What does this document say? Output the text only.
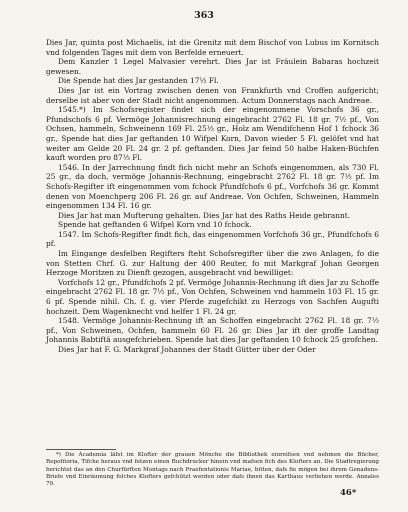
363

Dies Jar, quinta post Michaelis, ist die Grenitz mit dem Bischof von Lubus im Kornitsch vnd folgenden Tages mit dem von Berfelde erneuert.

Dem Kanzler 1 Legel Malvasier verehrt. Dies Jar ist Fräulein Babaras hochzeit gewesen.

Die Spende hat dies Jar gestanden 17½ Fl.

Dies Jar ist ein Vortrag zwischen denen von Frankfurth vnd Croffen aufgericht; derselbe ist aber von der Stadt nicht angenommen. Actum Donnerstags nach Andreae.

1545.*) Im Schofsregister findet sich der eingenommene Vorschofs 36 gr., Pfundschofs 6 pf. Vermöge Johannisrechnung eingebracht 2762 Fl. 18 gr. 7½ pf., Von Ochsen, hammeln, Schweinenn 169 Fl. 25⅓ gr., Holz am Wendifchenn Hof 1 fchock 36 gr., Spende hat dies Jar geftanden 10 Wifpel Korn, Davon wieder 5 Fl. gelöfet vnd hat weiter am Gelde 20 Fl. 24 gr. 2 pf. geftanden. Dies Jar feind 50 halbe Haken-Büchfen kauft worden pro 87⅓ Fl.

1546. In der Jarrechnung findt fich nicht mehr an Schofs eingenommen, als 730 Fl. 25 gr., da doch, vermöge Johannis-Rechnung, eingebracht 2762 Fl. 18 gr. 7½ pf. Im Schofs-Regifter ift eingenommen vom fchock Pfundfchofs 6 pf., Vorfchofs 36 gr. Kommt denen von Moenchperg 206 Fl. 26 gr. auf Andreae. Von Ochfen, Schweinen, Hammeln eingenommen 134 Fl. 16 gr.

Dies Jar hat man Mufterung gehalten. Dies Jar hat des Raths Heide gebrannt.

Spende hat geftanden 6 Wifpel Korn vnd 10 fchock.

1547. Im Schofs-Regifter findt fich, das eingenommen Vorfchofs 36 gr., Pfundfchofs 6 pf.

Im Eingange desfelben Regifters fteht Schofsregifter über die zwo Anlagen, fo die von Stetten Chrf. G. zur Haltung der 400 Reuter, fo mit Markgraf Johan Georgen Herzoge Moritzen zu Dienft gezogen, ausgebracht vnd bewilliget:

Vorfchofs 12 gr., Pfundfchofs 2 pf. Vermöge Johannis-Rechnung ift dies Jar zu Schoffe eingebracht 2762 Fl. 18 gr. 7½ pf., Von Ochfen, Schweinen vnd hammeln 103 Fl. 15 gr. 6 pf. Spende nihil. Ch. f. g. vier Pferde zugefchikt zu Herzogs von Sachfen Augufti hochzeit. Dem Wagenknecht vnd helfer 1 Fl. 24 gr.

1548. Vermöge Johannis-Rechnung ift an Schoffen eingebracht 2762 Fl. 18 gr. 7½ pf., Von Schweinen, Ochfen, hammeln 60 Fl. 26 gr. Dies Jar ift der groffe Landtag Johannis Babtiftä ausgefchrieben. Spende hat dies Jar geftanden 10 fchock 25 grofchen.

Dies Jar hat F. G. Markgraf Johannes der Stadt Gütter über der Oder

*) Die Academia läfst im Klofter der grauen Mönche die Bibliothek einreifsen vnd nehmen die Bücher, Repofitoria, Tifche heraus vnd fetzen einen Buchdrucker hinein vnd mafsen fich des Klofters an. Die Stadtregierung berichtet das an den Churfürften Montags nach Praefentationis Mariae, bitten, dafs fie mögen bei ihrem Genadens-Briefe vnd Einräumung folches Klofters gefchützt werden oder dafs ihnen das Karthaus verliehen werde. Annales 79.

46*
